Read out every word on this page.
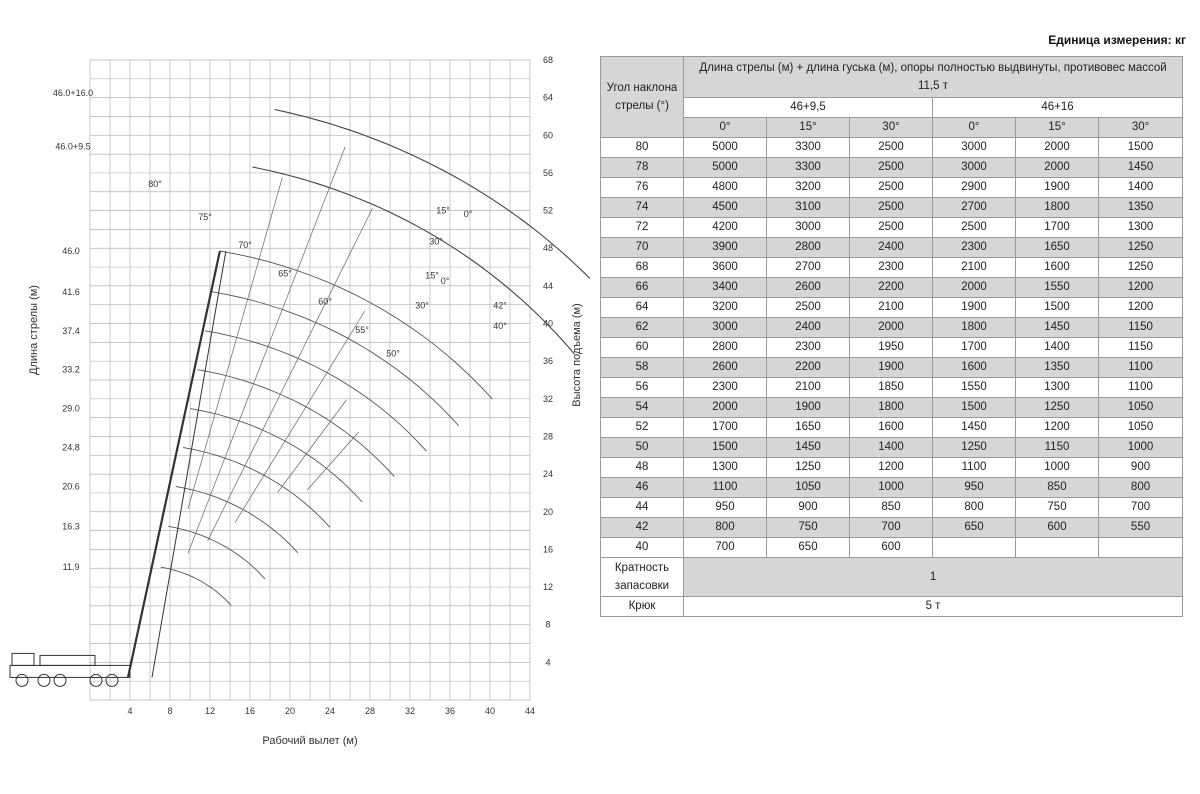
4	8	12	16	20	24	28	32	36	40	44
4
8
12
16
20
24
28
32
36
40
44
48
52
56
60
64
68
Рабочий вылет (м)
Длина стрелы (м)	Высота подъема (м)
11.9
16.3
20.6
24.8
29.0
33.2
37.4
41.6
46.0
46.0+9.5
46.0+16.0
80°
75°
70°
65°
60°
55°
50°
15° 0°
30°
15°
0°
30°	42°
40°
Единица измерения: кг
Угол наклона стрелы (°)	Длина стрелы (м) + длина гуська (м), опоры полностью выдвинуты, противовес массой 11,5 т					
	46+9,5			46+16		
	0°	15°	30°	0°	15°	30°
80	5000	3300	2500	3000	2000	1500
78	5000	3300	2500	3000	2000	1450
76	4800	3200	2500	2900	1900	1400
74	4500	3100	2500	2700	1800	1350
72	4200	3000	2500	2500	1700	1300
70	3900	2800	2400	2300	1650	1250
68	3600	2700	2300	2100	1600	1250
66	3400	2600	2200	2000	1550	1200
64	3200	2500	2100	1900	1500	1200
62	3000	2400	2000	1800	1450	1150
60	2800	2300	1950	1700	1400	1150
58	2600	2200	1900	1600	1350	1100
56	2300	2100	1850	1550	1300	1100
54	2000	1900	1800	1500	1250	1050
52	1700	1650	1600	1450	1200	1050
50	1500	1450	1400	1250	1150	1000
48	1300	1250	1200	1100	1000	900
46	1100	1050	1000	950	850	800
44	950	900	850	800	750	700
42	800	750	700	650	600	550
40	700	650	600			
Кратность запасовки	1					
Крюк	5 т					
